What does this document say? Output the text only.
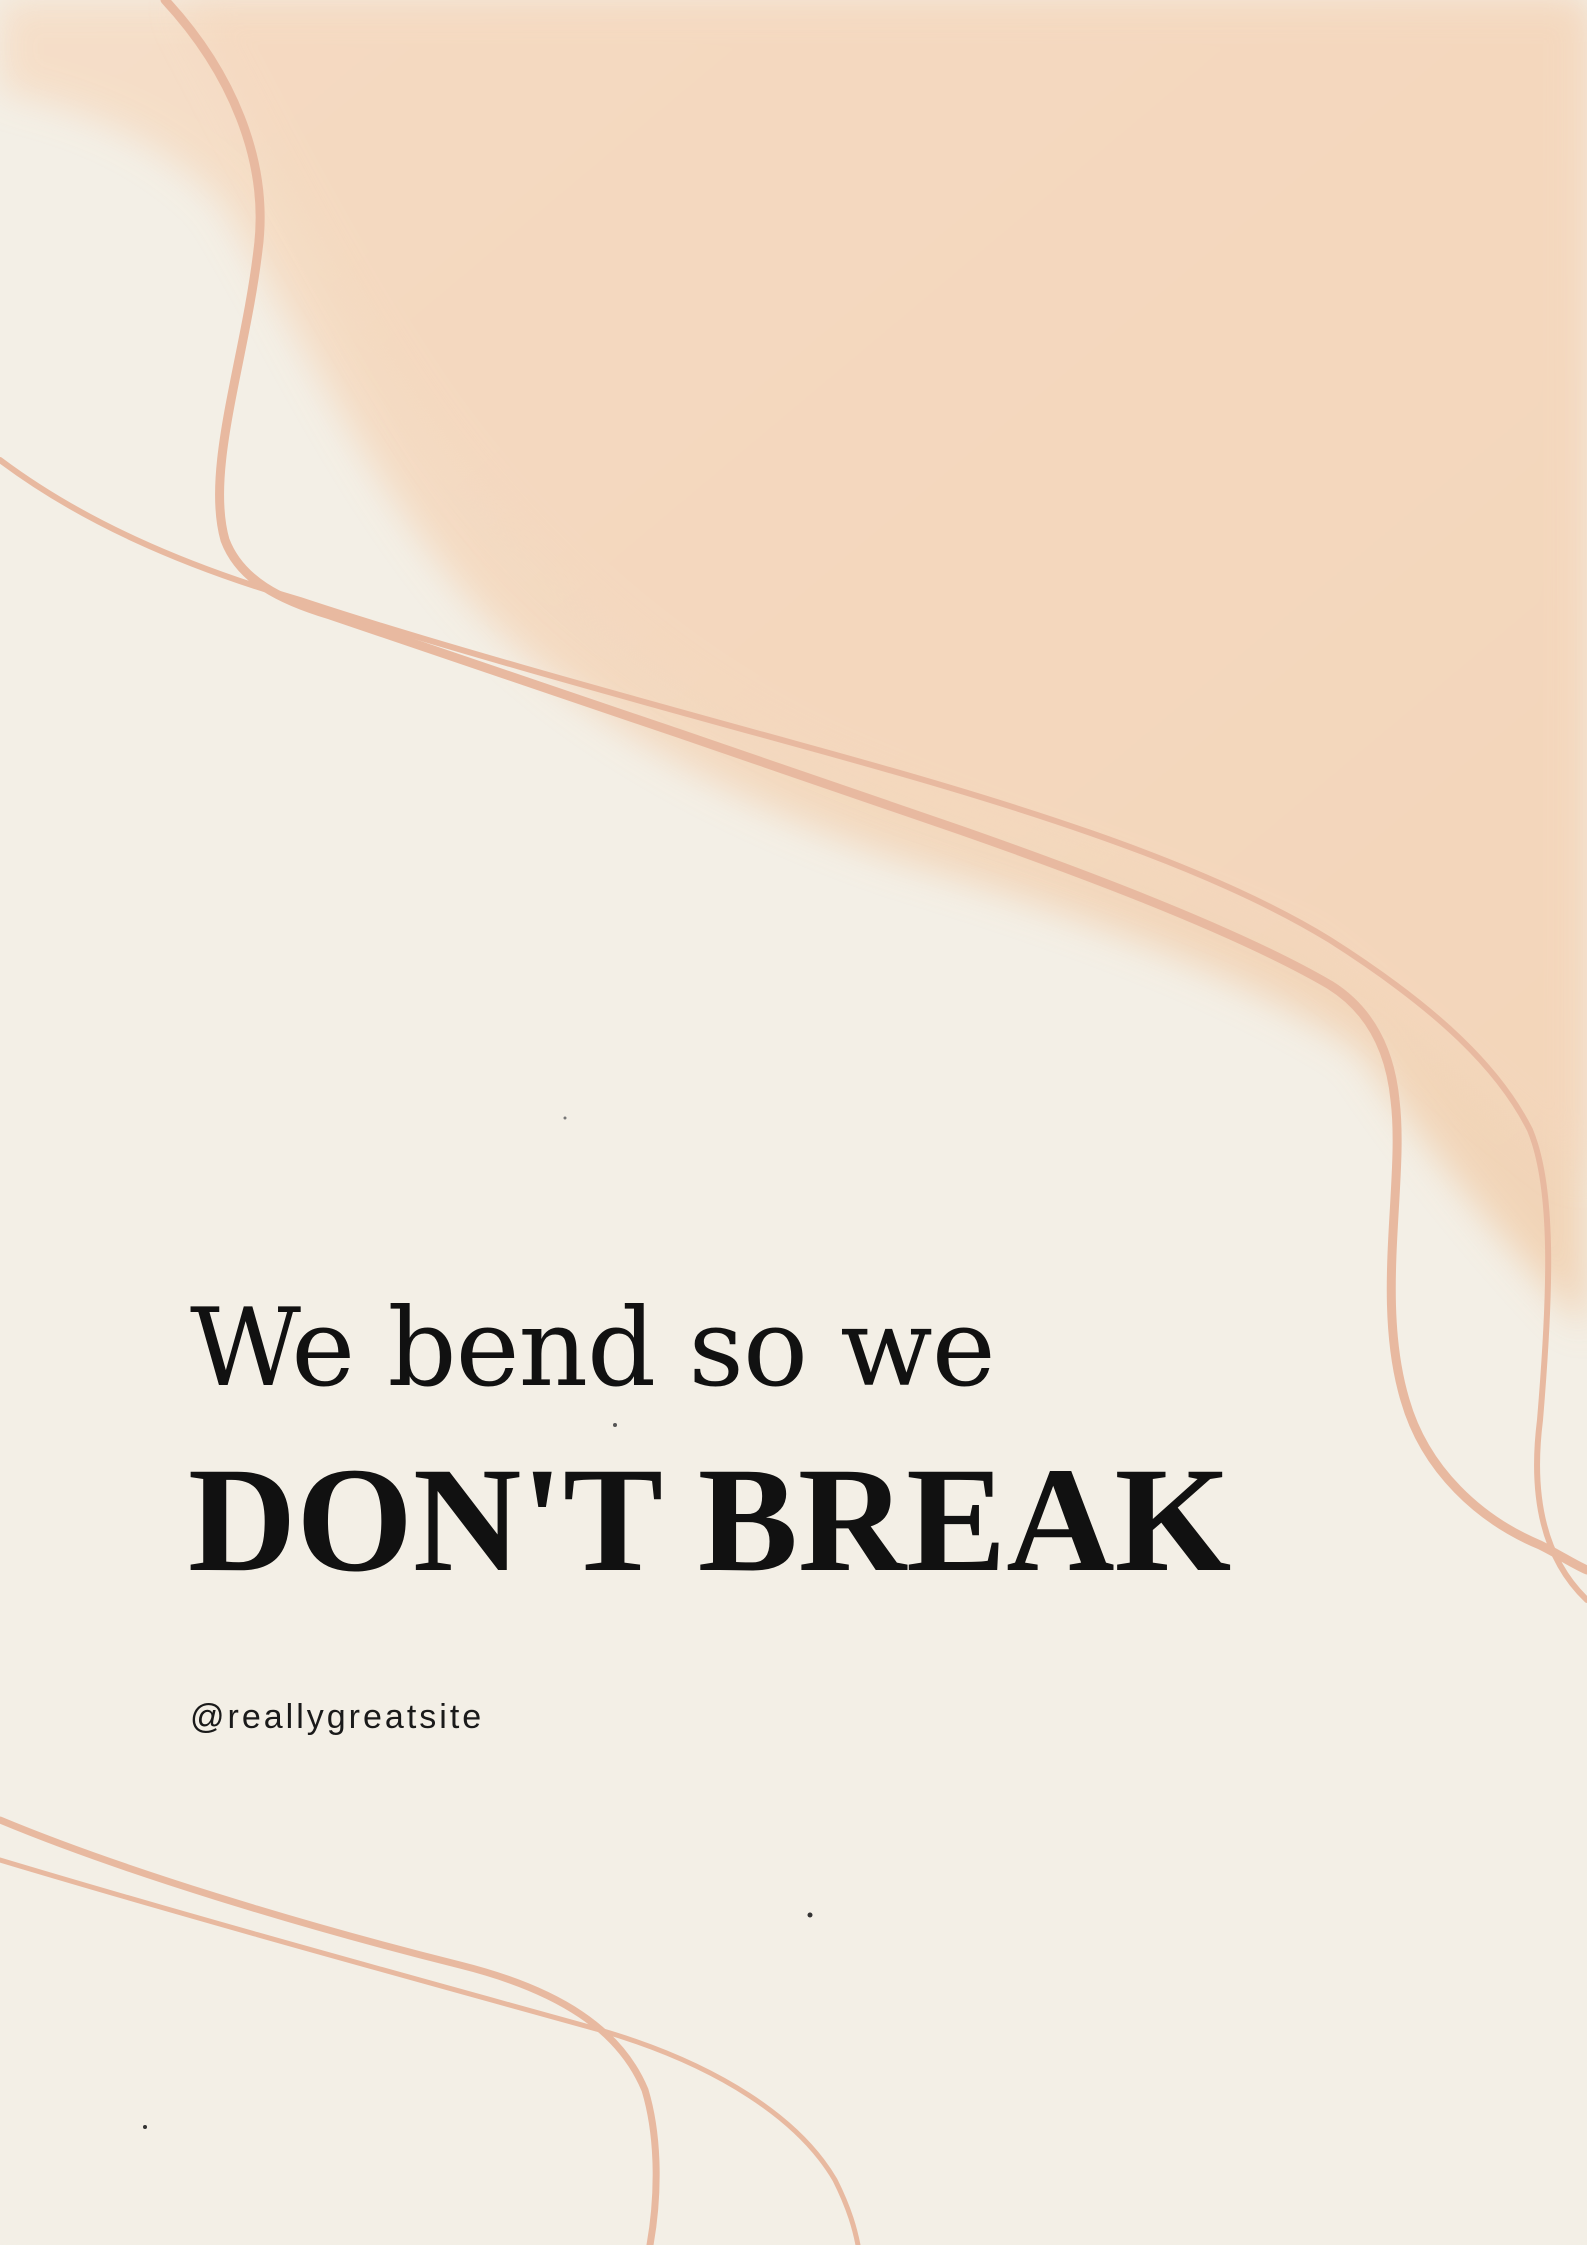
We bend so we
DON'T BREAK
@reallygreatsite
